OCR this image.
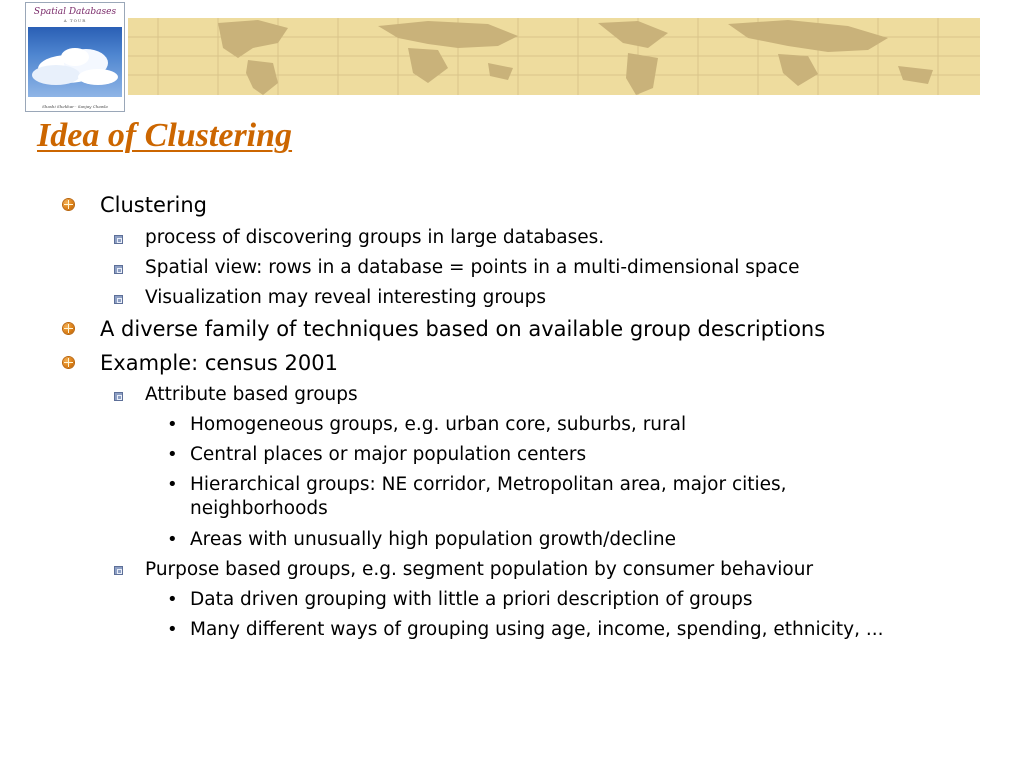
Spatial Databases
A TOUR
Shashi Shekhar · Sanjay Chawla
Idea of Clustering
Clustering
process of discovering groups in large databases.
Spatial view: rows in a database = points in a multi-dimensional space
Visualization may reveal interesting groups
A diverse family of techniques based on available group descriptions
Example: census 2001
Attribute based groups
• Homogeneous groups, e.g. urban core, suburbs, rural
• Central places or major population centers
• Hierarchical groups: NE corridor, Metropolitan area, major cities,
neighborhoods
• Areas with unusually high population growth/decline
Purpose based groups, e.g. segment population by consumer behaviour
• Data driven grouping with little a priori description of groups
• Many different ways of grouping using age, income, spending, ethnicity, ...
